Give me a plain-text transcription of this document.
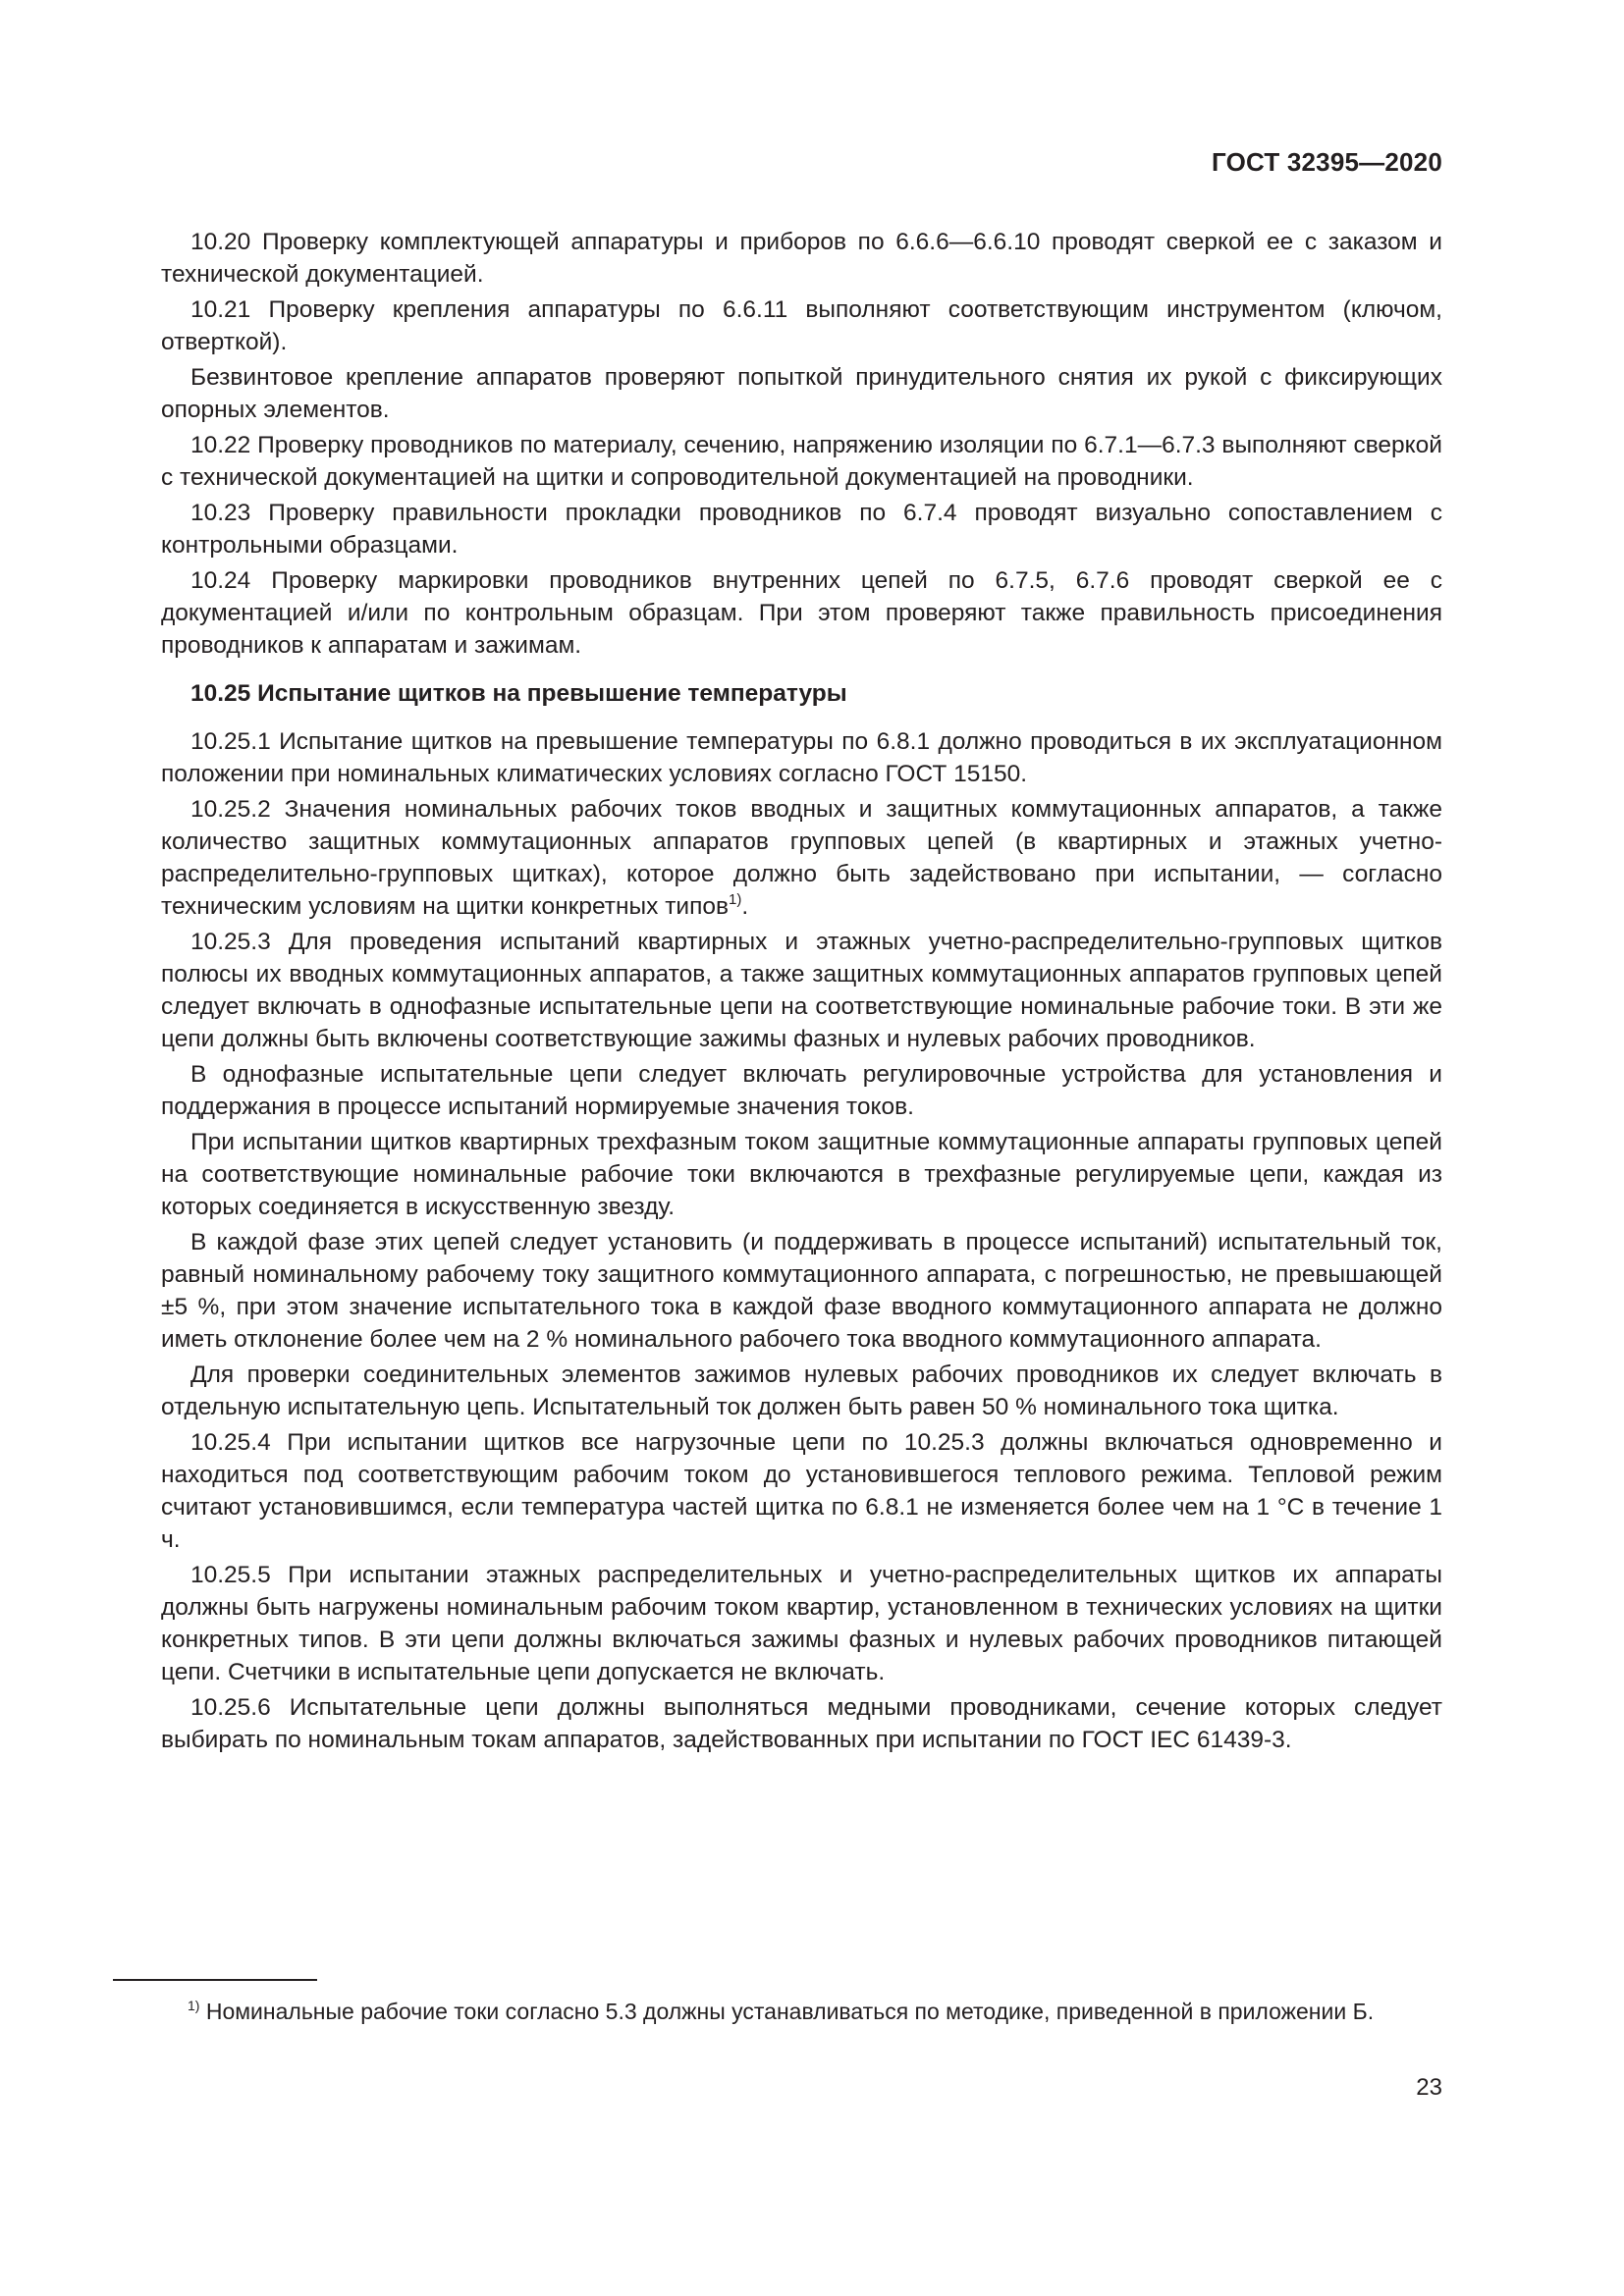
ГОСТ 32395—2020

10.20 Проверку комплектующей аппаратуры и приборов по 6.6.6—6.6.10 проводят сверкой ее с заказом и технической документацией.

10.21 Проверку крепления аппаратуры по 6.6.11 выполняют соответствующим инструментом (ключом, отверткой).

Безвинтовое крепление аппаратов проверяют попыткой принудительного снятия их рукой с фиксирующих опорных элементов.

10.22 Проверку проводников по материалу, сечению, напряжению изоляции по 6.7.1—6.7.3 выполняют сверкой с технической документацией на щитки и сопроводительной документацией на проводники.

10.23 Проверку правильности прокладки проводников по 6.7.4 проводят визуально сопоставлением с контрольными образцами.

10.24 Проверку маркировки проводников внутренних цепей по 6.7.5, 6.7.6 проводят сверкой ее с документацией и/или по контрольным образцам. При этом проверяют также правильность присоединения проводников к аппаратам и зажимам.

10.25 Испытание щитков на превышение температуры

10.25.1 Испытание щитков на превышение температуры по 6.8.1 должно проводиться в их эксплуатационном положении при номинальных климатических условиях согласно ГОСТ 15150.

10.25.2 Значения номинальных рабочих токов вводных и защитных коммутационных аппаратов, а также количество защитных коммутационных аппаратов групповых цепей (в квартирных и этажных учетно-распределительно-групповых щитках), которое должно быть задействовано при испытании, — согласно техническим условиям на щитки конкретных типов$^{1)}$.

10.25.3 Для проведения испытаний квартирных и этажных учетно-распределительно-групповых щитков полюсы их вводных коммутационных аппаратов, а также защитных коммутационных аппаратов групповых цепей следует включать в однофазные испытательные цепи на соответствующие номинальные рабочие токи. В эти же цепи должны быть включены соответствующие зажимы фазных и нулевых рабочих проводников.

В однофазные испытательные цепи следует включать регулировочные устройства для установления и поддержания в процессе испытаний нормируемые значения токов.

При испытании щитков квартирных трехфазным током защитные коммутационные аппараты групповых цепей на соответствующие номинальные рабочие токи включаются в трехфазные регулируемые цепи, каждая из которых соединяется в искусственную звезду.

В каждой фазе этих цепей следует установить (и поддерживать в процессе испытаний) испытательный ток, равный номинальному рабочему току защитного коммутационного аппарата, с погрешностью, не превышающей ±5 %, при этом значение испытательного тока в каждой фазе вводного коммутационного аппарата не должно иметь отклонение более чем на 2 % номинального рабочего тока вводного коммутационного аппарата.

Для проверки соединительных элементов зажимов нулевых рабочих проводников их следует включать в отдельную испытательную цепь. Испытательный ток должен быть равен 50 % номинального тока щитка.

10.25.4 При испытании щитков все нагрузочные цепи по 10.25.3 должны включаться одновременно и находиться под соответствующим рабочим током до установившегося теплового режима. Тепловой режим считают установившимся, если температура частей щитка по 6.8.1 не изменяется более чем на 1 °С в течение 1 ч.

10.25.5 При испытании этажных распределительных и учетно-распределительных щитков их аппараты должны быть нагружены номинальным рабочим током квартир, установленном в технических условиях на щитки конкретных типов. В эти цепи должны включаться зажимы фазных и нулевых рабочих проводников питающей цепи. Счетчики в испытательные цепи допускается не включать.

10.25.6 Испытательные цепи должны выполняться медными проводниками, сечение которых следует выбирать по номинальным токам аппаратов, задействованных при испытании по ГОСТ IEC 61439-3.

$^{1)}$ Номинальные рабочие токи согласно 5.3 должны устанавливаться по методике, приведенной в приложении Б.
23
